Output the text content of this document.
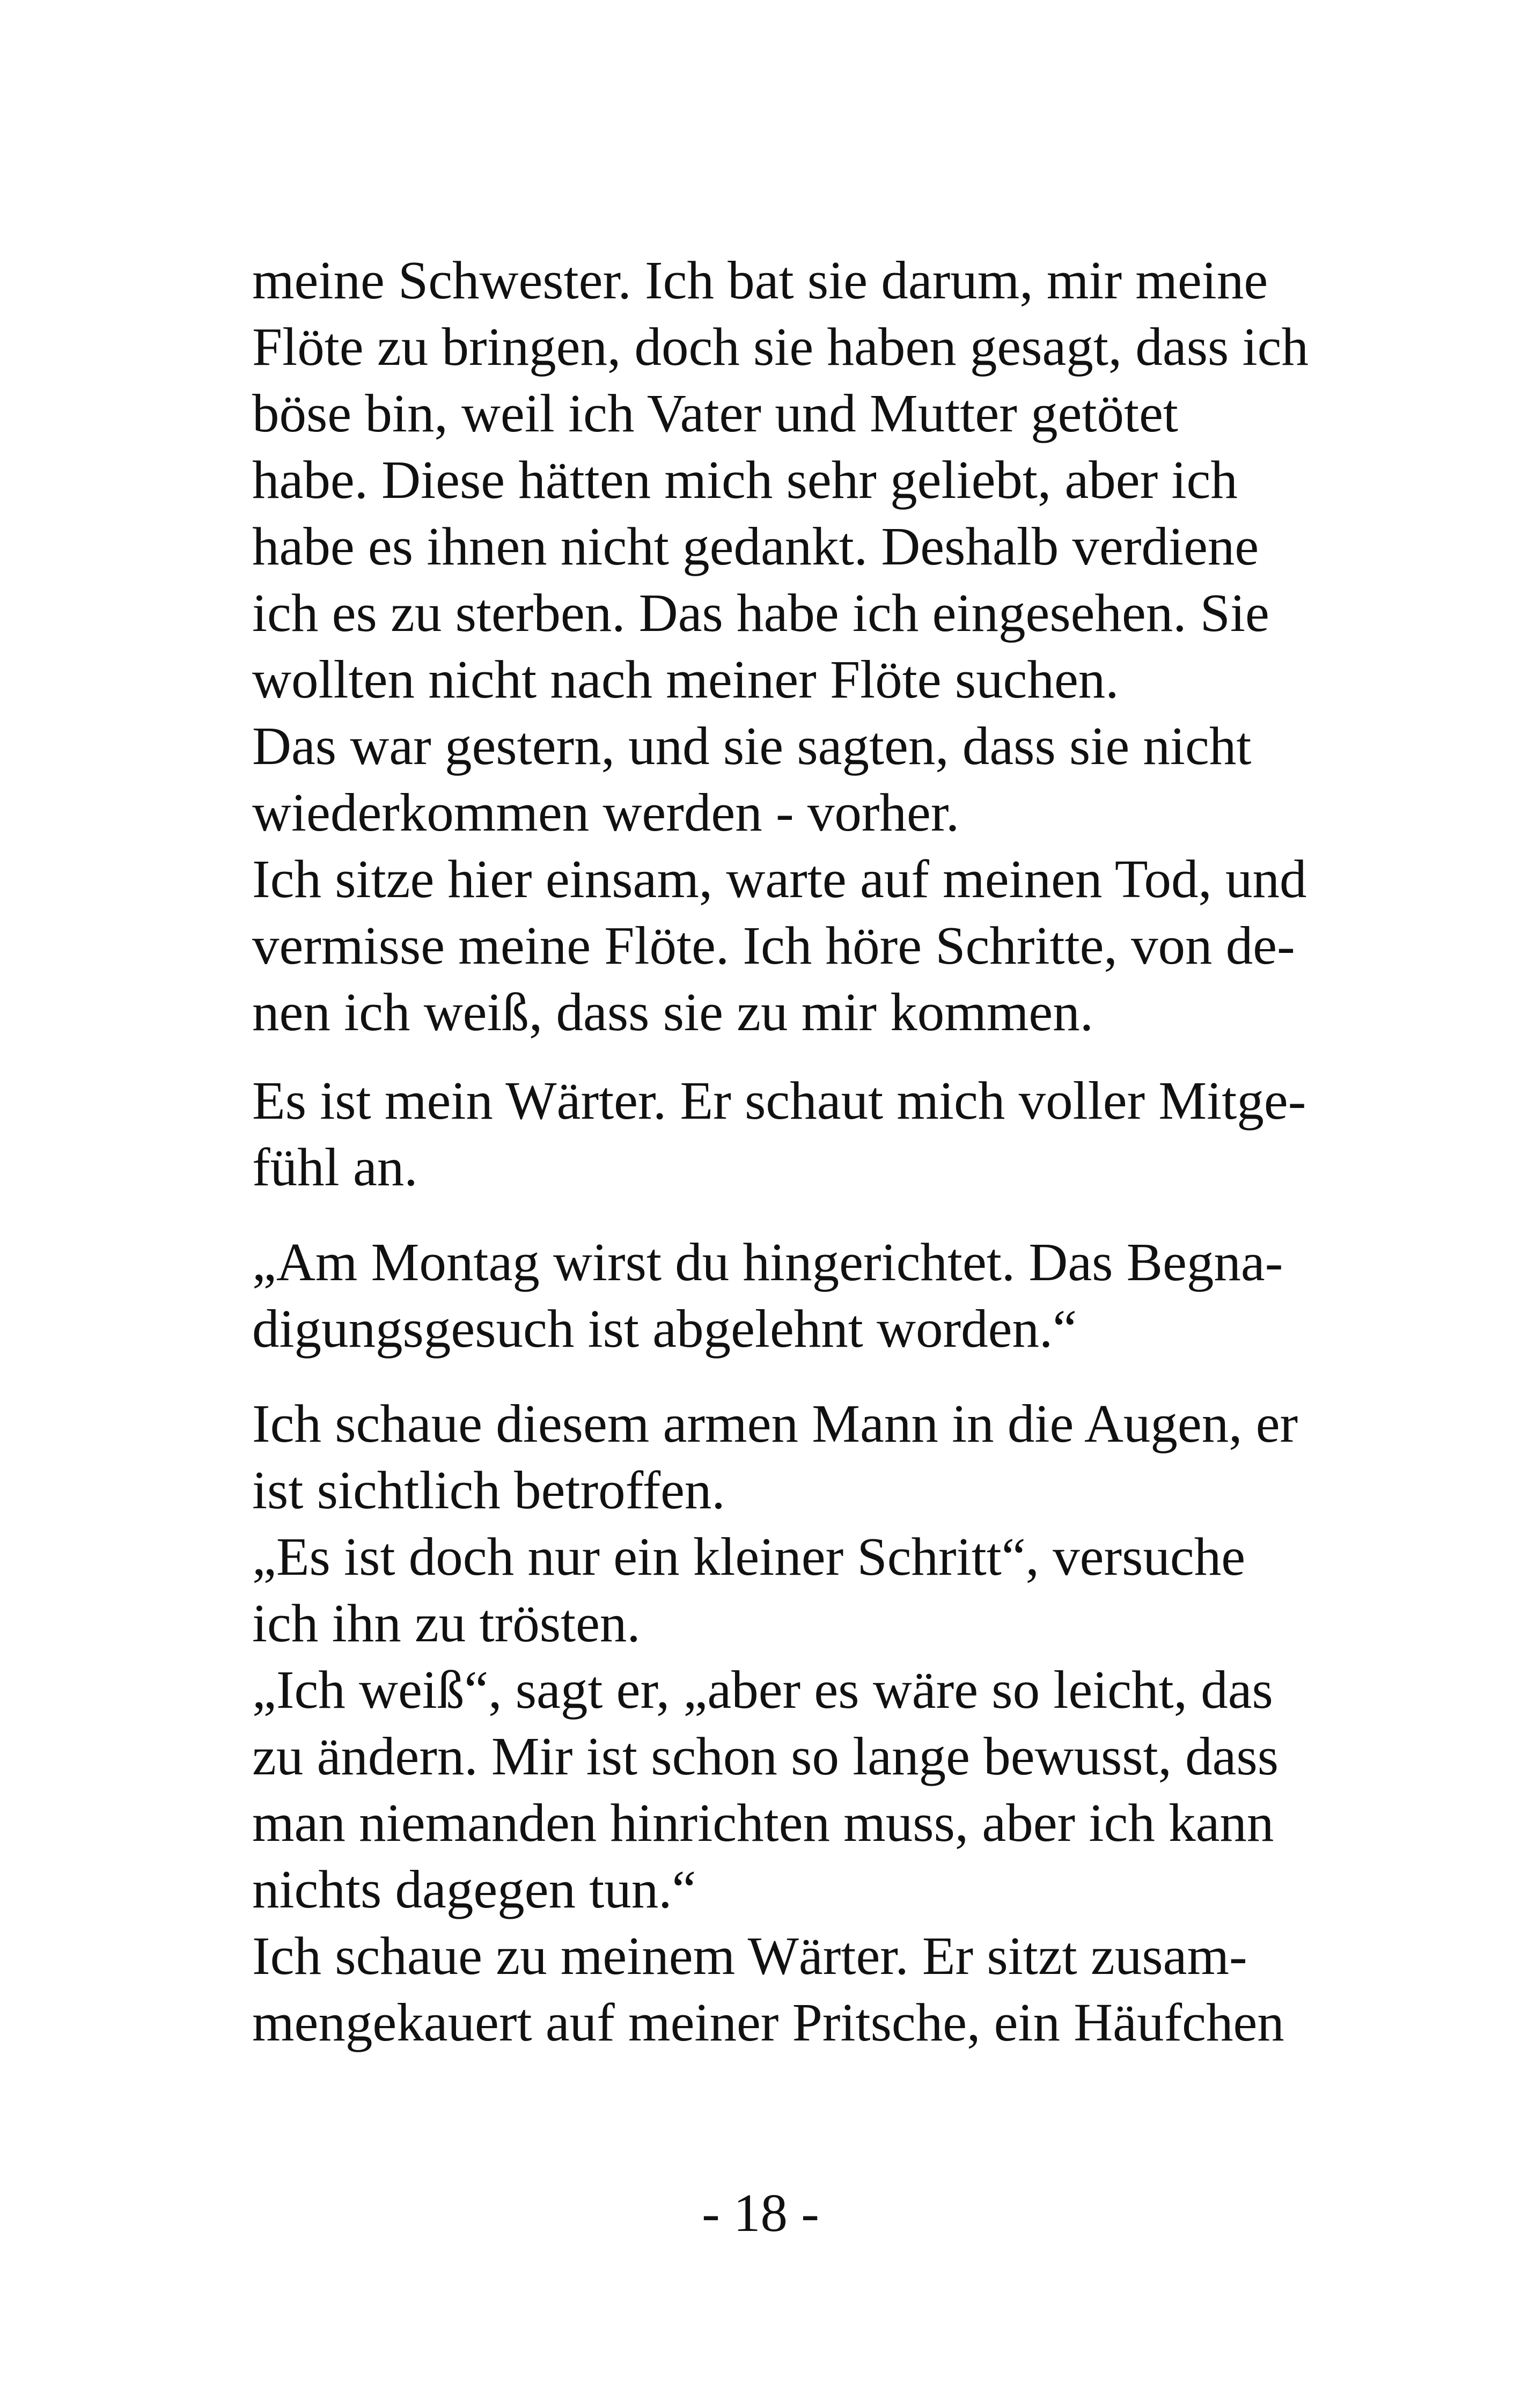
meine Schwester. Ich bat sie darum, mir meine
Flöte zu bringen, doch sie haben gesagt, dass ich
böse bin, weil ich Vater und Mutter getötet
habe. Diese hätten mich sehr geliebt, aber ich
habe es ihnen nicht gedankt. Deshalb verdiene
ich es zu sterben. Das habe ich eingesehen. Sie
wollten nicht nach meiner Flöte suchen.
Das war gestern, und sie sagten, dass sie nicht
wiederkommen werden - vorher.
Ich sitze hier einsam, warte auf meinen Tod, und
vermisse meine Flöte. Ich höre Schritte, von de-
nen ich weiß, dass sie zu mir kommen.
Es ist mein Wärter. Er schaut mich voller Mitge-
fühl an.
„Am Montag wirst du hingerichtet. Das Begna-
digungsgesuch ist abgelehnt worden.“
Ich schaue diesem armen Mann in die Augen, er
ist sichtlich betroffen.
„Es ist doch nur ein kleiner Schritt“, versuche
ich ihn zu trösten.
„Ich weiß“, sagt er, „aber es wäre so leicht, das
zu ändern. Mir ist schon so lange bewusst, dass
man niemanden hinrichten muss, aber ich kann
nichts dagegen tun.“
Ich schaue zu meinem Wärter. Er sitzt zusam-
mengekauert auf meiner Pritsche, ein Häufchen
- 18 -
